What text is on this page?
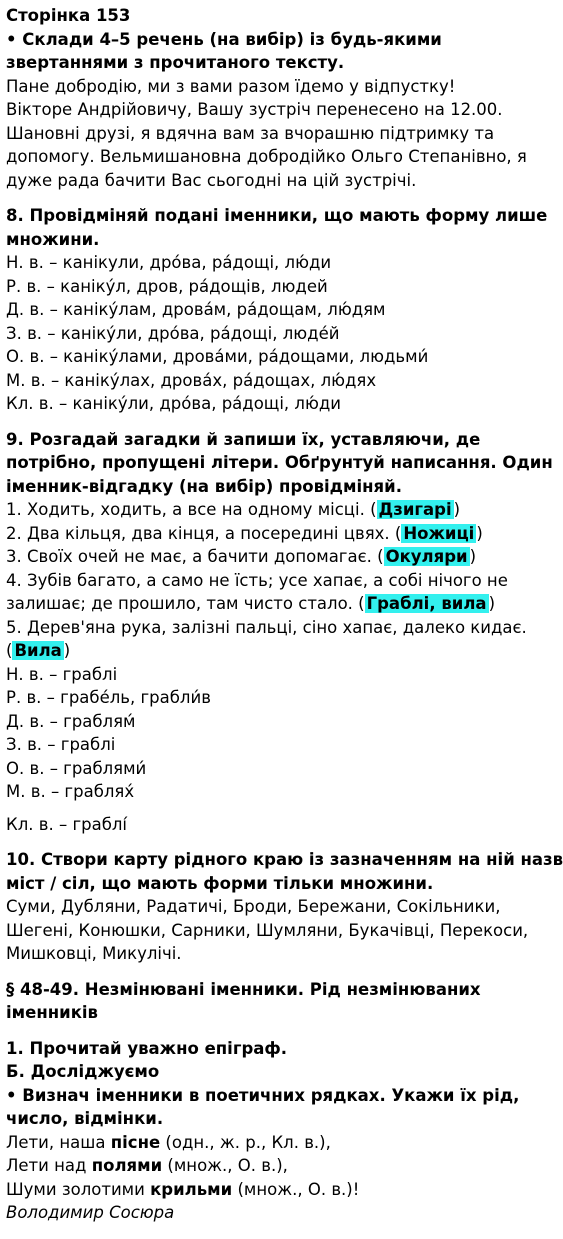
Сторінка 153
• Склади 4–5 речень (на вибір) із будь-якими
звертаннями з прочитаного тексту.
Пане добродію, ми з вами разом їдемо у відпустку!
Вікторе Андрійовичу, Вашу зустріч перенесено на 12.00.
Шановні друзі, я вдячна вам за вчорашню підтримку та
допомогу. Вельмишановна добродійко Ольго Степанівно, я
дуже рада бачити Вас сьогодні на цій зустрічі.
8. Провідміняй подані іменники, що мають форму лише
множини.
Н. в. – канікули, дро́ва, ра́дощі, лю́ди
Р. в. – каніку́л, дров, ра́дощів, людей
Д. в. – каніку́лам, дрова́м, ра́дощам, лю́дям
З. в. – каніку́ли, дро́ва, ра́дощі, люде́й
О. в. – каніку́лами, дрова́ми, ра́дощами, людьми́
М. в. – каніку́лах, дрова́х, ра́дощах, лю́дях
Кл. в. – каніку́ли, дро́ва, ра́дощі, лю́ди
9. Розгадай загадки й запиши їх, уставляючи, де
потрібно, пропущені літери. Обґрунтуй написання. Один
іменник-відгадку (на вибір) провідміняй.
1. Ходить, ходить, а все на одному місці. ( Дзигарі )
2. Два кільця, два кінця, а посередині цвях. ( Ножиці )
3. Своїх очей не має, а бачити допомагає. ( Окуляри )
4. Зубів багато, а само не їсть; усе хапає, а собі нічого не
залишає; де прошило, там чисто стало. ( Граблі, вила )
5. Дерев'яна рука, залізні пальці, сіно хапає, далеко кидає.
( Вила )
Н. в. – граблі
Р. в. – грабе́ль, грабли́в
Д. в. – граблям́
З. в. – граблі
О. в. – граблями́
М. в. – граблях́
Кл. в. – граблі́
10. Створи карту рідного краю із зазначенням на ній назв
міст / сіл, що мають форми тільки множини.
Суми, Дубляни, Радатичі, Броди, Бережани, Сокільники,
Шегені, Конюшки, Сарники, Шумляни, Букачівці, Перекоси,
Мишковці, Микулічі.
§ 48-49. Незмінювані іменники. Рід незмінюваних
іменників
1. Прочитай уважно епіграф.
Б. Досліджуємо
• Визнач іменники в поетичних рядках. Укажи їх рід,
число, відмінки.
Лети, наша пісне (одн., ж. р., Кл. в.),
Лети над полями (множ., О. в.),
Шуми золотими крильми (множ., О. в.)!
Володимир Сосюра
